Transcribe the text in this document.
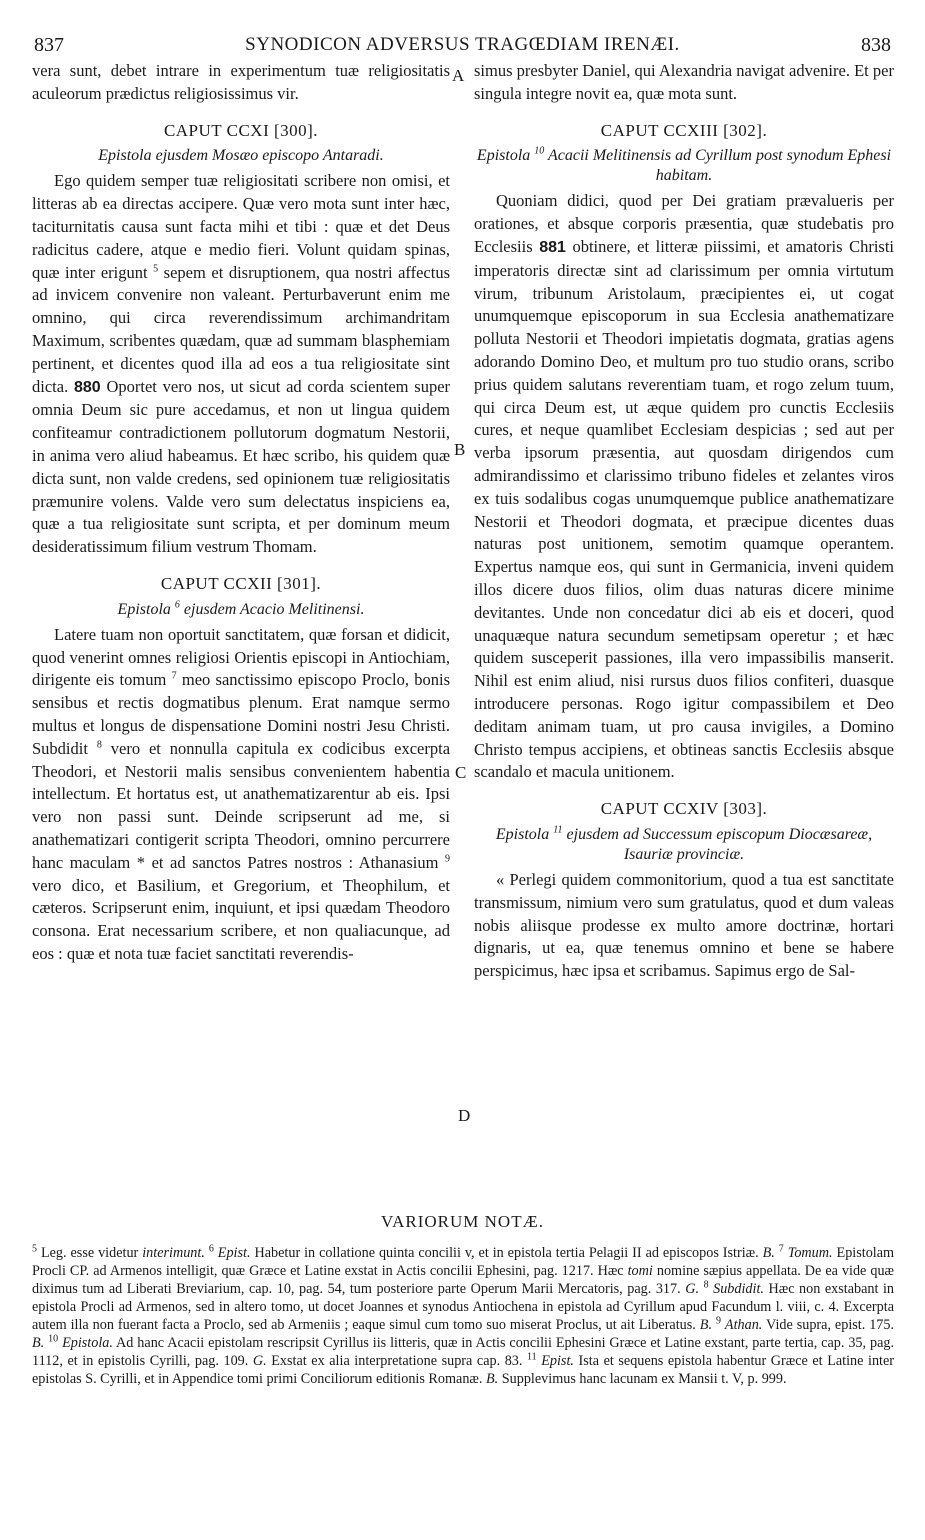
837	SYNODICON ADVERSUS TRAGŒDIAM IRENÆI.	838
A
B
C
D

vera sunt, debet intrare in experimentum tuæ religiositatis aculeorum prædictus religiosissimus vir.

CAPUT CCXI [300].
Epistola ejusdem Mosæo episcopo Antaradi.

Ego quidem semper tuæ religiositati scribere non omisi, et litteras ab ea directas accipere. Quæ vero mota sunt inter hæc, taciturnitatis causa sunt facta mihi et tibi : quæ et det Deus radicitus cadere, atque e medio fieri. Volunt quidam spinas, quæ inter erigunt $^5$ sepem et disruptionem, qua nostri affectus ad invicem convenire non valeant. Perturbaverunt enim me omnino, qui circa reverendissimum archimandritam Maximum, scribentes quædam, quæ ad summam blasphemiam pertinent, et dicentes quod illa ad eos a tua religiositate sint dicta. 880 Oportet vero nos, ut sicut ad corda scientem super omnia Deum sic pure accedamus, et non ut lingua quidem confiteamur contradictionem pollutorum dogmatum Nestorii, in anima vero aliud habeamus. Et hæc scribo, his quidem quæ dicta sunt, non valde credens, sed opinionem tuæ religiositatis præmunire volens. Valde vero sum delectatus inspiciens ea, quæ a tua religiositate sunt scripta, et per dominum meum desideratissimum filium vestrum Thomam.

CAPUT CCXII [301].
Epistola $^6$ ejusdem Acacio Melitinensi.

Latere tuam non oportuit sanctitatem, quæ forsan et didicit, quod venerint omnes religiosi Orientis episcopi in Antiochiam, dirigente eis tomum $^7$ meo sanctissimo episcopo Proclo, bonis sensibus et rectis dogmatibus plenum. Erat namque sermo multus et longus de dispensatione Domini nostri Jesu Christi. Subdidit $^8$ vero et nonnulla capitula ex codicibus excerpta Theodori, et Nestorii malis sensibus convenientem habentia intellectum. Et hortatus est, ut anathematizarentur ab eis. Ipsi vero non passi sunt. Deinde scripserunt ad me, si anathematizari contigerit scripta Theodori, omnino percurrere hanc maculam * et ad sanctos Patres nostros : Athanasium $^9$ vero dico, et Basilium, et Gregorium, et Theophilum, et cæteros. Scripserunt enim, inquiunt, et ipsi quædam Theodoro consona. Erat necessarium scribere, et non qualiacunque, ad eos : quæ et nota tuæ faciet sanctitati reverendis-

simus presbyter Daniel, qui Alexandria navigat advenire. Et per singula integre novit ea, quæ mota sunt.

CAPUT CCXIII [302].
Epistola $^{10}$ Acacii Melitinensis ad Cyrillum post synodum Ephesi habitam.

Quoniam didici, quod per Dei gratiam prævalueris per orationes, et absque corporis præsentia, quæ studebatis pro Ecclesiis 881 obtinere, et litteræ piissimi, et amatoris Christi imperatoris directæ sint ad clarissimum per omnia virtutum virum, tribunum Aristolaum, præcipientes ei, ut cogat unumquemque episcoporum in sua Ecclesia anathematizare polluta Nestorii et Theodori impietatis dogmata, gratias agens adorando Domino Deo, et multum pro tuo studio orans, scribo prius quidem salutans reverentiam tuam, et rogo zelum tuum, qui circa Deum est, ut æque quidem pro cunctis Ecclesiis cures, et neque quamlibet Ecclesiam despicias ; sed aut per verba ipsorum præsentia, aut quosdam dirigendos cum admirandissimo et clarissimo tribuno fideles et zelantes viros ex tuis sodalibus cogas unumquemque publice anathematizare Nestorii et Theodori dogmata, et præcipue dicentes duas naturas post unitionem, semotim quamque operantem. Expertus namque eos, qui sunt in Germanicia, inveni quidem illos dicere duos filios, olim duas naturas dicere minime devitantes. Unde non concedatur dici ab eis et doceri, quod unaquæque natura secundum semetipsam operetur ; et hæc quidem susceperit passiones, illa vero impassibilis manserit. Nihil est enim aliud, nisi rursus duos filios confiteri, duasque introducere personas. Rogo igitur compassibilem et Deo deditam animam tuam, ut pro causa invigiles, a Domino Christo tempus accipiens, et obtineas sanctis Ecclesiis absque scandalo et macula unitionem.

CAPUT CCXIV [303].
Epistola $^{11}$ ejusdem ad Successum episcopum Diocæsareæ, Isauriæ provinciæ.

« Perlegi quidem commonitorium, quod a tua est sanctitate transmissum, nimium vero sum gratulatus, quod et dum valeas nobis aliisque prodesse ex multo amore doctrinæ, hortari dignaris, ut ea, quæ tenemus omnino et bene se habere perspicimus, hæc ipsa et scribamus. Sapimus ergo de Sal-

VARIORUM NOTÆ.

$^5$ Leg. esse videtur interimunt. $^6$ Epist. Habetur in collatione quinta concilii v, et in epistola tertia Pelagii II ad episcopos Istriæ. B. $^7$ Tomum. Epistolam Procli CP. ad Armenos intelligit, quæ Græce et Latine exstat in Actis concilii Ephesini, pag. 1217. Hæc tomi nomine sæpius appellata. De ea vide quæ diximus tum ad Liberati Breviarium, cap. 10, pag. 54, tum posteriore parte Operum Marii Mercatoris, pag. 317. G. $^8$ Subdidit. Hæc non exstabant in epistola Procli ad Armenos, sed in altero tomo, ut docet Joannes et synodus Antiochena in epistola ad Cyrillum apud Facundum l. viii, c. 4. Excerpta autem illa non fuerant facta a Proclo, sed ab Armeniis ; eaque simul cum tomo suo miserat Proclus, ut ait Liberatus. B. $^9$ Athan. Vide supra, epist. 175. B. $^{10}$ Epistola. Ad hanc Acacii epistolam rescripsit Cyrillus iis litteris, quæ in Actis concilii Ephesini Græce et Latine exstant, parte tertia, cap. 35, pag. 1112, et in epistolis Cyrilli, pag. 109. G. Exstat ex alia interpretatione supra cap. 83. $^{11}$ Epist. Ista et sequens epistola habentur Græce et Latine inter epistolas S. Cyrilli, et in Appendice tomi primi Conciliorum editionis Romanæ. B. Supplevimus hanc lacunam ex Mansii t. V, p. 999.
